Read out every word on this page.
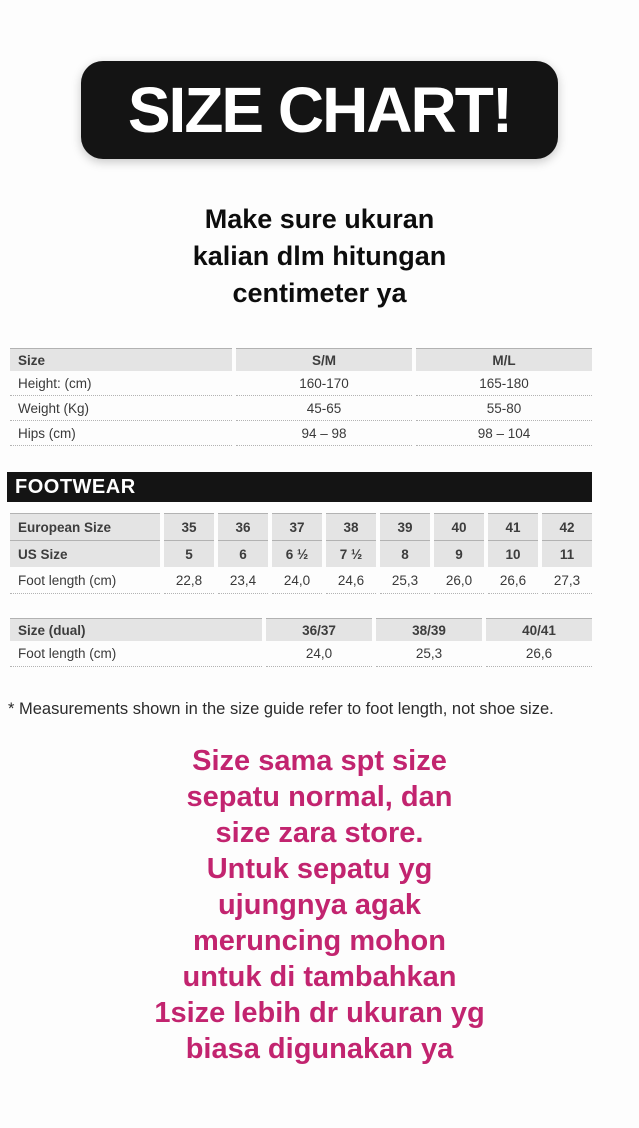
SIZE CHART!
Make sure ukuran
kalian dlm hitungan
centimeter ya
Size	S/M	M/L
Height: (cm)	160-170	165-180
Weight (Kg)	45-65	55-80
Hips (cm)	94 – 98	98 – 104
FOOTWEAR
European Size	35	36	37	38	39	40	41	42
US Size	5	6	6 ½	7 ½	8	9	10	11
Foot length (cm)	22,8	23,4	24,0	24,6	25,3	26,0	26,6	27,3
Size (dual)	36/37	38/39	40/41
Foot length (cm)	24,0	25,3	26,6
* Measurements shown in the size guide refer to foot length, not shoe size.
Size sama spt size
sepatu normal, dan
size zara store.
Untuk sepatu yg
ujungnya agak
meruncing mohon
untuk di tambahkan
1size lebih dr ukuran yg
biasa digunakan ya
